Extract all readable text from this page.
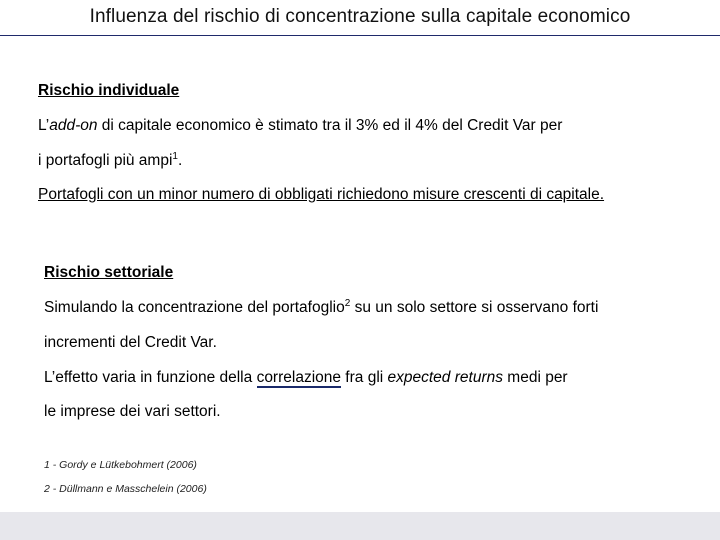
Influenza del rischio di concentrazione sulla capitale economico
Rischio individuale
L’add-on di capitale economico è stimato tra il 3% ed il 4% del Credit Var per
i portafogli più ampi$^1$.
Portafogli con un minor numero di obbligati richiedono misure crescenti di capitale.
Rischio settoriale
Simulando la concentrazione del portafoglio$^2$ su un solo settore si osservano forti
incrementi del Credit Var.
L’effetto varia in funzione della correlazione fra gli expected returns medi per
le imprese dei vari settori.
1 - Gordy e Lütkebohmert (2006)
2 - Düllmann e Masschelein (2006)
